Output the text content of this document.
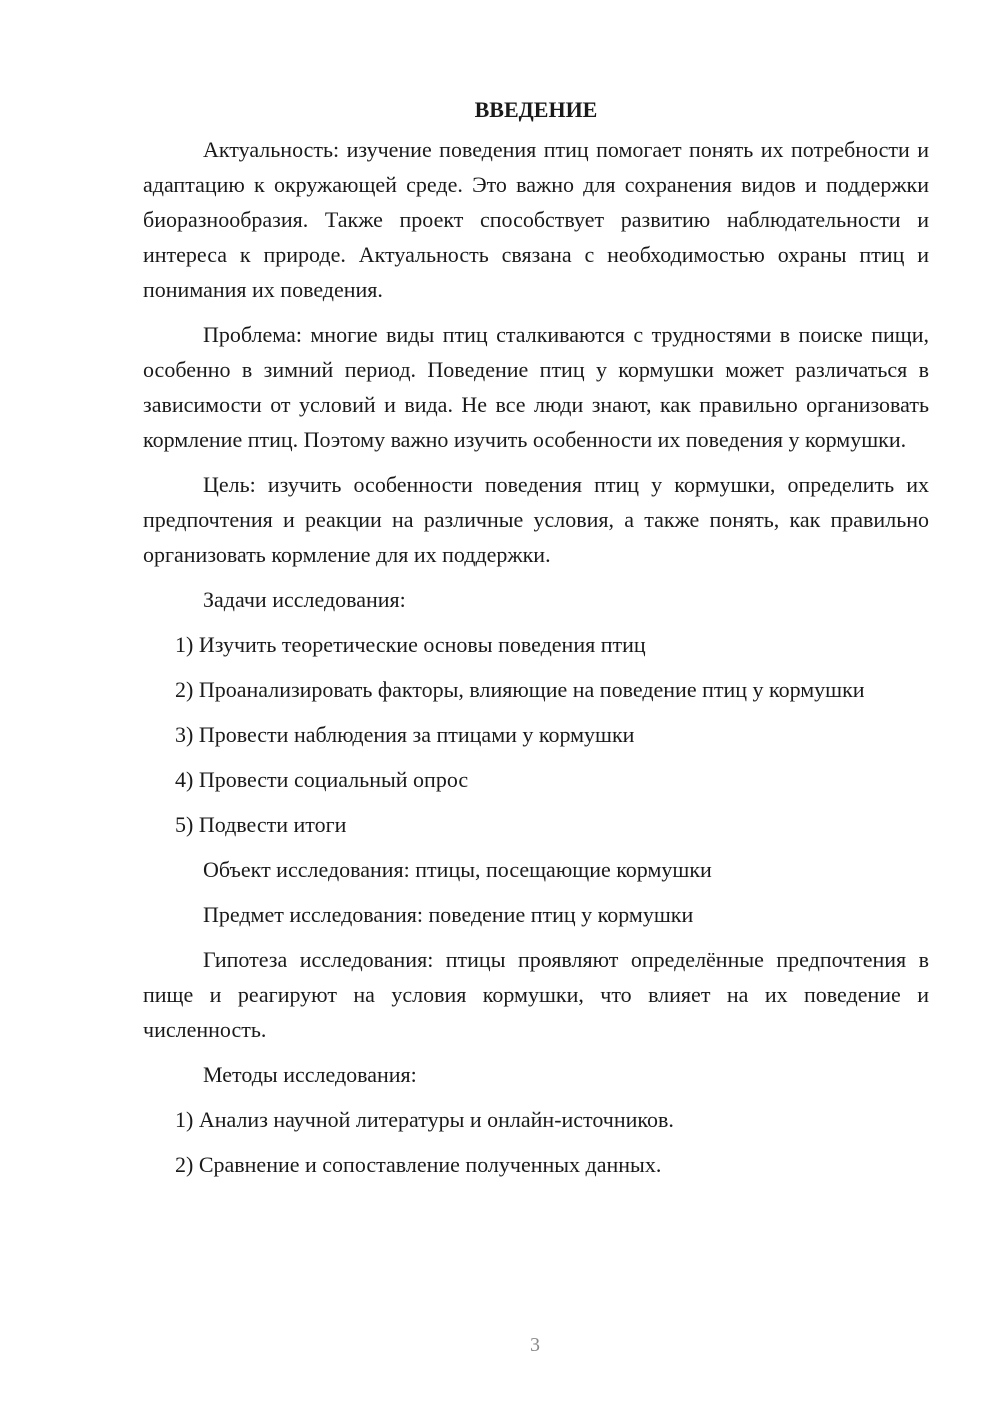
ВВЕДЕНИЕ

Актуальность: изучение поведения птиц помогает понять их потребности и адаптацию к окружающей среде. Это важно для сохранения видов и поддержки биоразнообразия. Также проект способствует развитию наблюдательности и интереса к природе. Актуальность связана с необходимостью охраны птиц и понимания их поведения.

Проблема: многие виды птиц сталкиваются с трудностями в поиске пищи, особенно в зимний период. Поведение птиц у кормушки может различаться в зависимости от условий и вида. Не все люди знают, как правильно организовать кормление птиц. Поэтому важно изучить особенности их поведения у кормушки.

Цель: изучить особенности поведения птиц у кормушки, определить их предпочтения и реакции на различные условия, а также понять, как правильно организовать кормление для их поддержки.

Задачи исследования:

1) Изучить теоретические основы поведения птиц

2) Проанализировать факторы, влияющие на поведение птиц у кормушки

3) Провести наблюдения за птицами у кормушки

4) Провести социальный опрос

5) Подвести итоги

Объект исследования: птицы, посещающие кормушки

Предмет исследования: поведение птиц у кормушки

Гипотеза исследования: птицы проявляют определённые предпочтения в пище и реагируют на условия кормушки, что влияет на их поведение и численность.

Методы исследования:

1) Анализ научной литературы и онлайн-источников.

2) Сравнение и сопоставление полученных данных.

3
